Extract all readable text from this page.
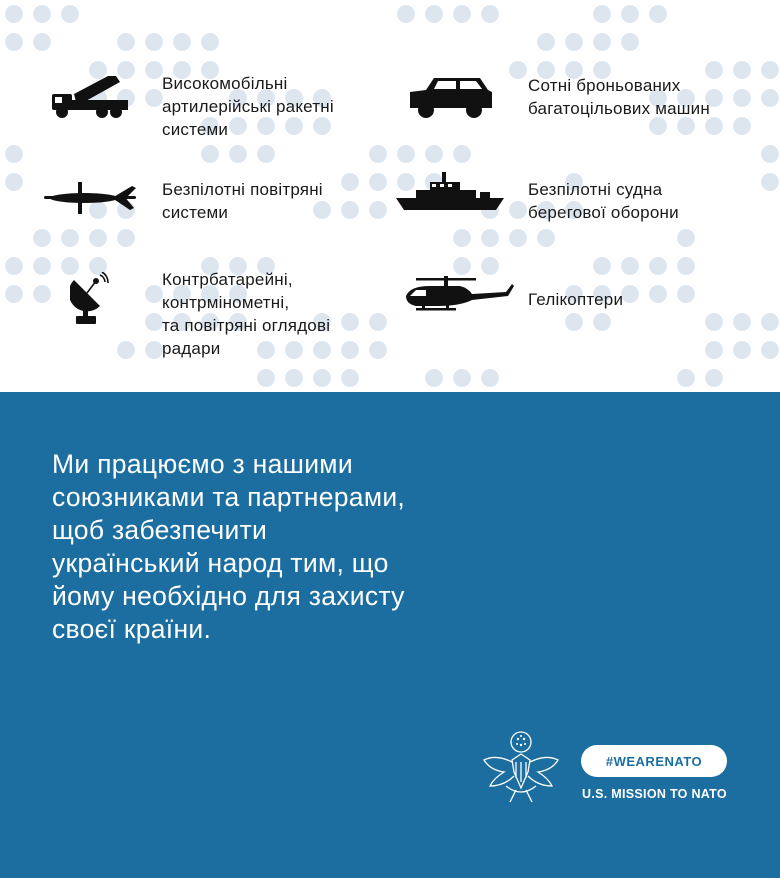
Високомобільні
артилерійські ракетні
системи
Сотні броньованих
багатоцільових машин
Безпілотні повітряні
системи
Безпілотні судна
берегової оборони
Контрбатарейні,
контрмінометні,
та повітряні оглядові
радари
Гелікоптери
Ми працюємо з нашими
союзниками та партнерами,
щоб забезпечити
український народ тим, що
йому необхідно для захисту
своєї країни.
#WEARENATO
U.S. MISSION TO NATO
